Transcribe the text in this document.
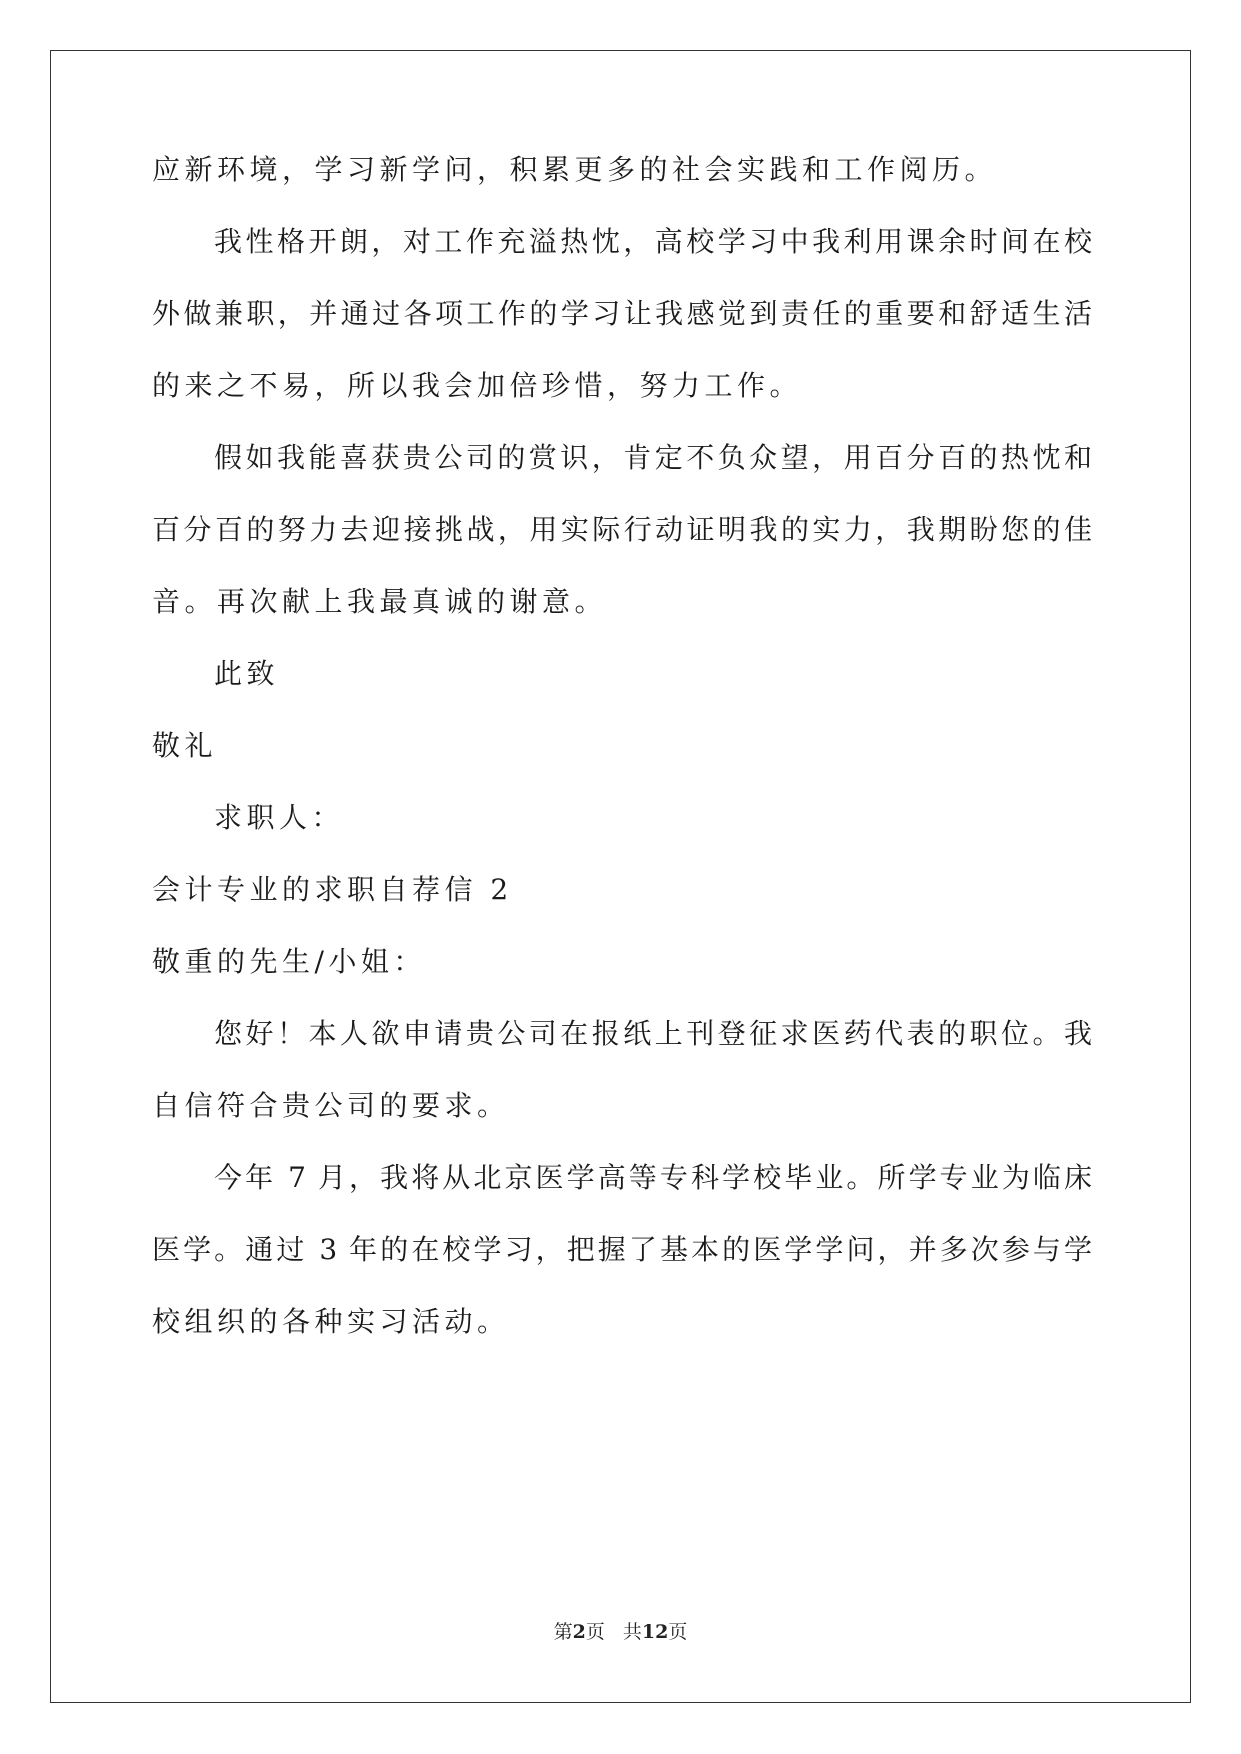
应新环境，学习新学问，积累更多的社会实践和工作阅历。
我性格开朗，对工作充溢热忱，高校学习中我利用课余时间在校
外做兼职，并通过各项工作的学习让我感觉到责任的重要和舒适生活
的来之不易，所以我会加倍珍惜，努力工作。
假如我能喜获贵公司的赏识，肯定不负众望，用百分百的热忱和
百分百的努力去迎接挑战，用实际行动证明我的实力，我期盼您的佳
音。再次献上我最真诚的谢意。
此致
敬礼
求职人：
会计专业的求职自荐信 2
敬重的先生/小姐：
您好！本人欲申请贵公司在报纸上刊登征求医药代表的职位。我
自信符合贵公司的要求。
今年 7 月，我将从北京医学高等专科学校毕业。所学专业为临床
医学。通过 3 年的在校学习，把握了基本的医学学问，并多次参与学
校组织的各种实习活动。
第2页 共12页
